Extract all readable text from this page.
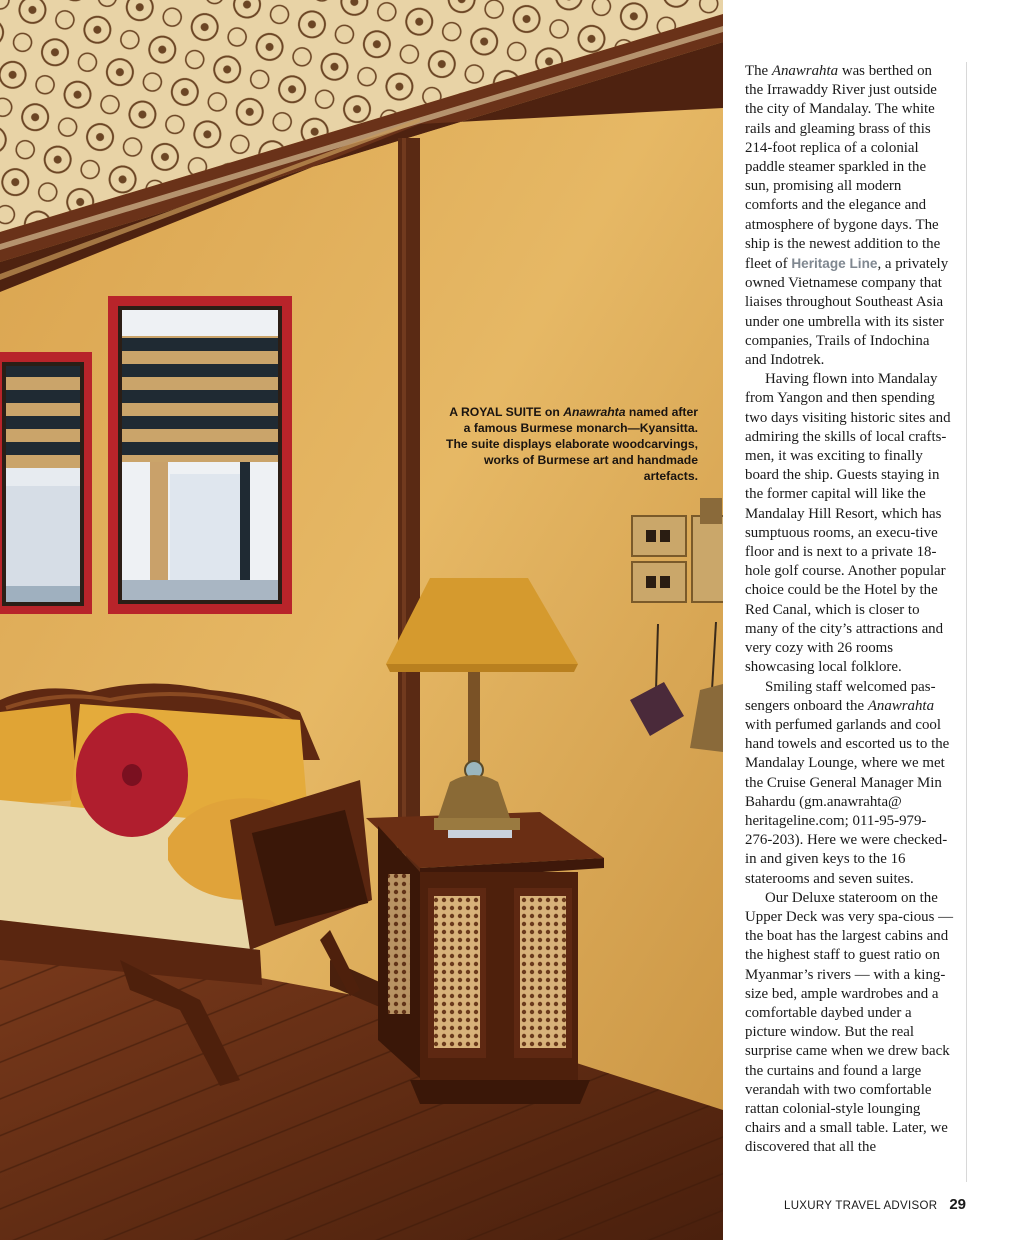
A ROYAL SUITE on Anawrahta named after a famous Burmese monarch—Kyansitta. The suite displays elaborate woodcarvings, works of Burmese art and handmade artefacts.

The Anawrahta was berthed on the Irrawaddy River just outside the city of Mandalay. The white rails and gleaming brass of this 214-foot replica of a colonial paddle steamer sparkled in the sun, promising all modern comforts and the elegance and atmosphere of bygone days. The ship is the newest addition to the fleet of Heritage Line, a privately owned Vietnamese company that liaises throughout Southeast Asia under one umbrella with its sister companies, Trails of Indochina and Indotrek.

Having flown into Mandalay from Yangon and then spending two days visiting historic sites and admiring the skills of local crafts-men, it was exciting to finally board the ship. Guests staying in the former capital will like the Mandalay Hill Resort, which has sumptuous rooms, an execu-tive floor and is next to a private 18-hole golf course. Another popular choice could be the Hotel by the Red Canal, which is closer to many of the city’s attractions and very cozy with 26 rooms showcasing local folklore.

Smiling staff welcomed pas-sengers onboard the Anawrahta with perfumed garlands and cool hand towels and escorted us to the Mandalay Lounge, where we met the Cruise General Manager Min Bahardu (gm.anawrahta@ heritageline.com; 011-95-979-276-203). Here we were checked-in and given keys to the 16 staterooms and seven suites.

Our Deluxe stateroom on the Upper Deck was very spa-cious — the boat has the largest cabins and the highest staff to guest ratio on Myanmar’s rivers — with a king-size bed, ample wardrobes and a comfortable daybed under a picture window. But the real surprise came when we drew back the curtains and found a large verandah with two comfortable rattan colonial-style lounging chairs and a small table. Later, we discovered that all the

LUXURY TRAVEL ADVISOR 29
